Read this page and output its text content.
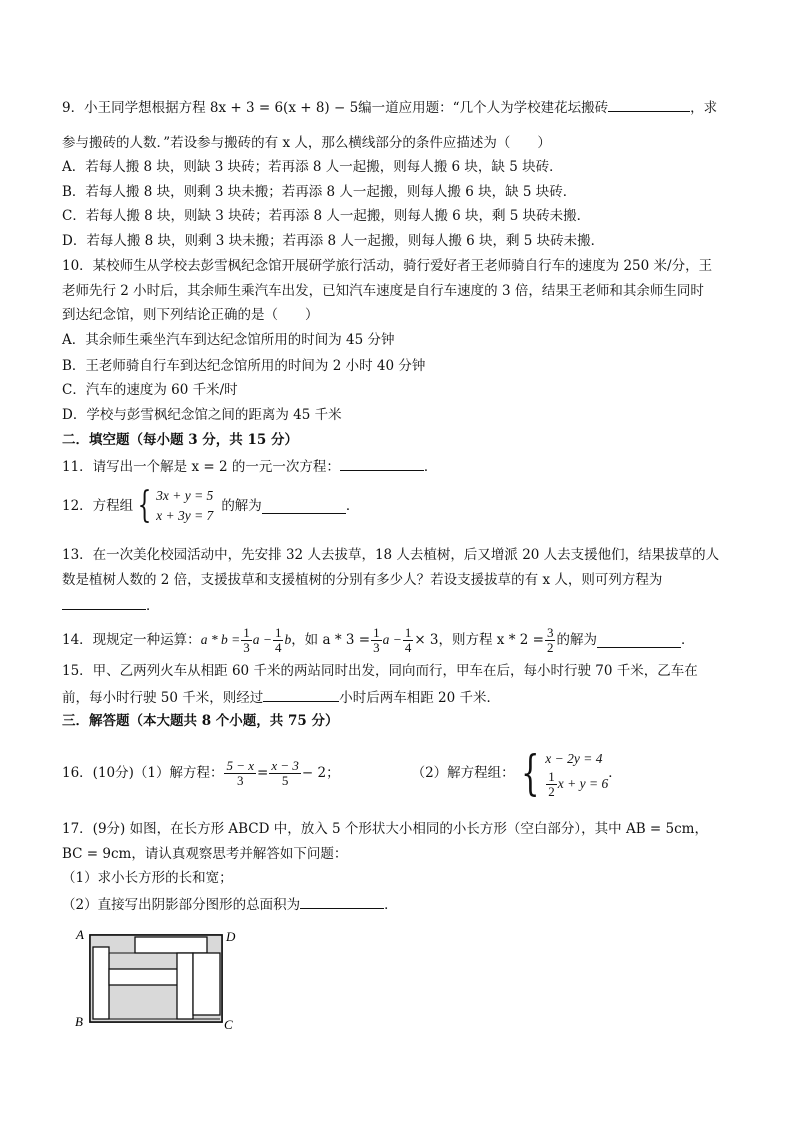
9．小王同学想根据方程 8x + 3 = 6(x + 8) − 5编一道应用题：“几个人为学校建花坛搬砖	，求
参与搬砖的人数．”若设参与搬砖的有 x 人，那么横线部分的条件应描述为（　　）
A．若每人搬 8 块，则缺 3 块砖；若再添 8 人一起搬，则每人搬 6 块，缺 5 块砖．
B．若每人搬 8 块，则剩 3 块未搬；若再添 8 人一起搬，则每人搬 6 块，缺 5 块砖．
C．若每人搬 8 块，则缺 3 块砖；若再添 8 人一起搬，则每人搬 6 块，剩 5 块砖未搬．
D．若每人搬 8 块，则剩 3 块未搬；若再添 8 人一起搬，则每人搬 6 块，剩 5 块砖未搬．
10．某校师生从学校去彭雪枫纪念馆开展研学旅行活动，骑行爱好者王老师骑自行车的速度为 250 米/分，王
老师先行 2 小时后，其余师生乘汽车出发，已知汽车速度是自行车速度的 3 倍，结果王老师和其余师生同时
到达纪念馆，则下列结论正确的是（　　）
A．其余师生乘坐汽车到达纪念馆所用的时间为 45 分钟
B．王老师骑自行车到达纪念馆所用的时间为 2 小时 40 分钟
C．汽车的速度为 60 千米/时
D．学校与彭雪枫纪念馆之间的距离为 45 千米
二．填空题（每小题 3 分，共 15 分）
11．请写出一个解是 x = 2 的一元一次方程：	．
12．方程组 { 3x + y = 5
x + 3y = 7
的解为	．
13．在一次美化校园活动中，先安排 32 人去拔草，18 人去植树，后又增派 20 人去支援他们，结果拔草的人
数是植树人数的 2 倍，支援拔草和支援植树的分别有多少人？若设支援拔草的有 x 人，则可列方程为
．
14．现规定一种运算： $a * b = \frac{1}{3}$ $a - \frac{1}{4}$ b ，如 $a * 3 = \frac{1}{3}$ $a - \frac{1}{4} \times 3$ ，则方程 $x * 2 = \frac{3}{2}$ 的解为	．
15．甲、乙两列火车从相距 60 千米的两站同时出发，同向而行，甲车在后，每小时行驶 70 千米，乙车在
前，每小时行驶 50 千米，则经过	小时后两车相距 20 千米．
三．解答题（本大题共 8 个小题，共 75 分）
16．(10分)（1）解方程： $\frac{5 - x}{3} = \frac{x - 3}{5} - 2$；	（2）解方程组： { x − 2y = 4
$\frac{1}{2}$ x + y = 6
．
17．(9分) 如图，在长方形 ABCD 中，放入 5 个形状大小相同的小长方形（空白部分），其中 AB = 5cm，
BC = 9cm，请认真观察思考并解答如下问题：
（1）求小长方形的长和宽；
（2）直接写出阴影部分图形的总面积为	．
A	D
B	C
